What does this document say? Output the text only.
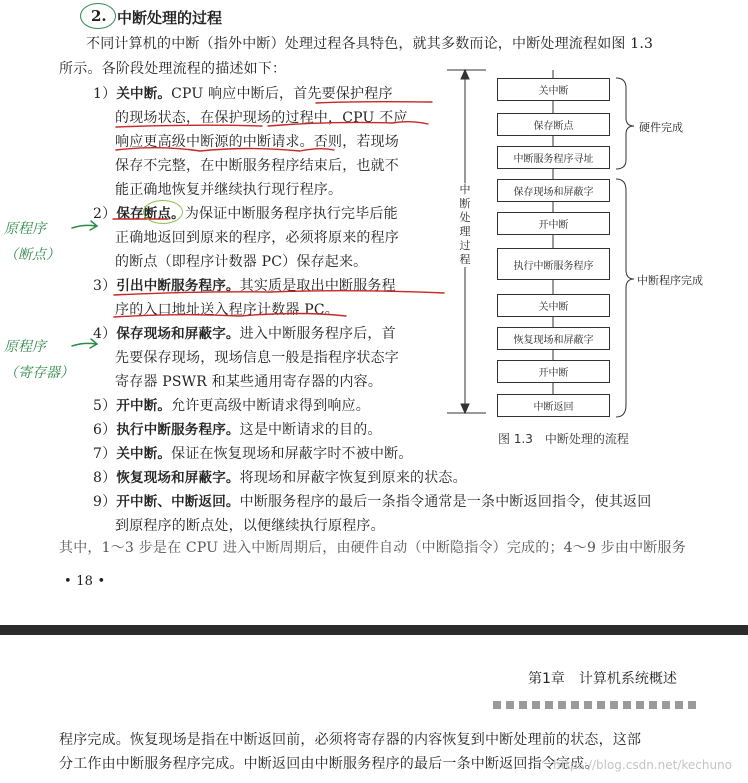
2. 中断处理的过程
不同计算机的中断（指外中断）处理过程各具特色，就其多数而论，中断处理流程如图 1.3
所示。各阶段处理流程的描述如下：
1）关中断。CPU 响应中断后，首先要保护程序
的现场状态，在保护现场的过程中，CPU 不应
响应更高级中断源的中断请求。否则，若现场
保存不完整，在中断服务程序结束后，也就不
能正确地恢复并继续执行现行程序。
2）保存断点。为保证中断服务程序执行完毕后能
正确地返回到原来的程序，必须将原来的程序
的断点（即程序计数器 PC）保存起来。
3）引出中断服务程序。其实质是取出中断服务程
序的入口地址送入程序计数器 PC。
4）保存现场和屏蔽字。进入中断服务程序后，首
先要保存现场，现场信息一般是指程序状态字
寄存器 PSWR 和某些通用寄存器的内容。
5）开中断。允许更高级中断请求得到响应。
6）执行中断服务程序。这是中断请求的目的。
7）关中断。保证在恢复现场和屏蔽字时不被中断。
8）恢复现场和屏蔽字。将现场和屏蔽字恢复到原来的状态。
9）开中断、中断返回。中断服务程序的最后一条指令通常是一条中断返回指令，使其返回
到原程序的断点处，以便继续执行原程序。
其中，1～3 步是在 CPU 进入中断周期后，由硬件自动（中断隐指令）完成的；4～9 步由中断服务
• 18 •
原程序
（断点）
原程序
（寄存器）
中断处理过程
关中断
保存断点
中断服务程序寻址
保存现场和屏蔽字
开中断
执行中断服务程序
关中断
恢复现场和屏蔽字
开中断
中断返回
硬件完成
中断程序完成
图 1.3　中断处理的流程
第1章　计算机系统概述
程序完成。恢复现场是指在中断返回前，必须将寄存器的内容恢复到中断处理前的状态，这部
分工作由中断服务程序完成。中断返回由中断服务程序的最后一条中断返回指令完成。
https://blog.csdn.net/kechuno
